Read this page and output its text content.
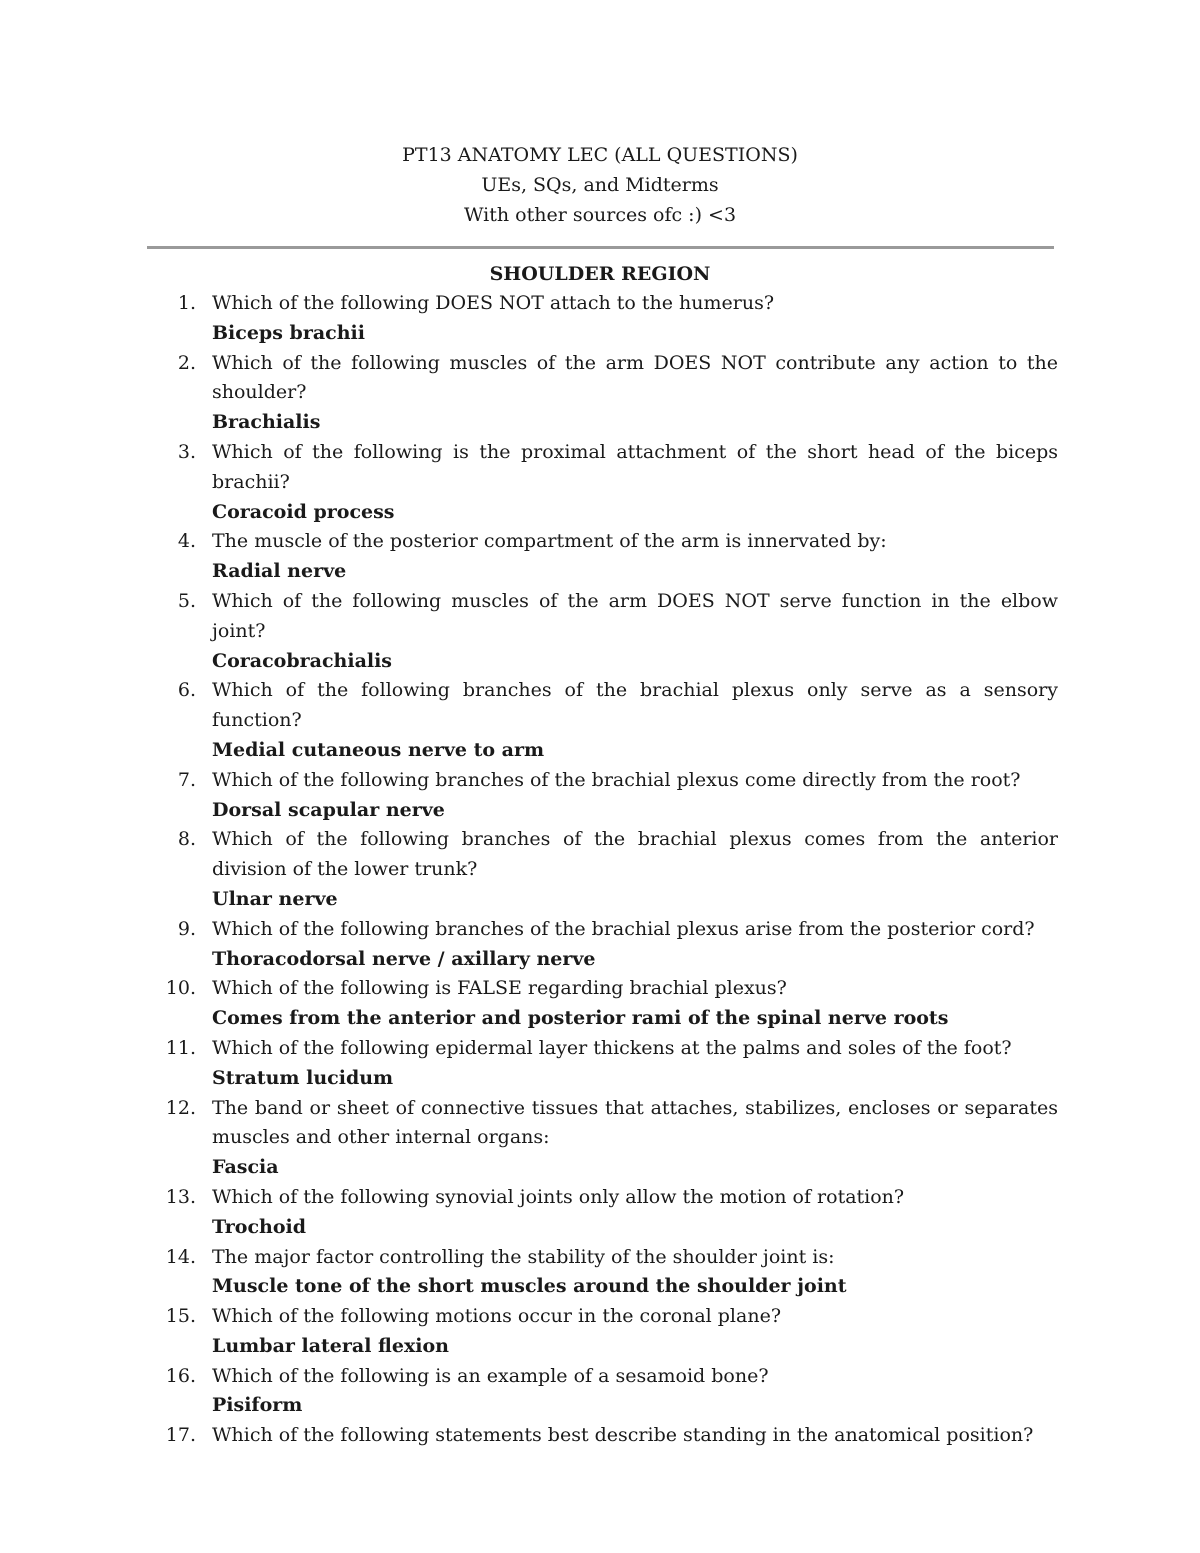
PT13 ANATOMY LEC (ALL QUESTIONS)
UEs, SQs, and Midterms
With other sources ofc :) <3
SHOULDER REGION
1. Which of the following DOES NOT attach to the humerus?
Biceps brachii
2. Which of the following muscles of the arm DOES NOT contribute any action to the shoulder?
Brachialis
3. Which of the following is the proximal attachment of the short head of the biceps brachii?
Coracoid process
4. The muscle of the posterior compartment of the arm is innervated by:
Radial nerve
5. Which of the following muscles of the arm DOES NOT serve function in the elbow joint?
Coracobrachialis
6. Which of the following branches of the brachial plexus only serve as a sensory function?
Medial cutaneous nerve to arm
7. Which of the following branches of the brachial plexus come directly from the root?
Dorsal scapular nerve
8. Which of the following branches of the brachial plexus comes from the anterior division of the lower trunk?
Ulnar nerve
9. Which of the following branches of the brachial plexus arise from the posterior cord?
Thoracodorsal nerve / axillary nerve
10. Which of the following is FALSE regarding brachial plexus?
Comes from the anterior and posterior rami of the spinal nerve roots
11. Which of the following epidermal layer thickens at the palms and soles of the foot?
Stratum lucidum
12. The band or sheet of connective tissues that attaches, stabilizes, encloses or separates muscles and other internal organs:
Fascia
13. Which of the following synovial joints only allow the motion of rotation?
Trochoid
14. The major factor controlling the stability of the shoulder joint is:
Muscle tone of the short muscles around the shoulder joint
15. Which of the following motions occur in the coronal plane?
Lumbar lateral flexion
16. Which of the following is an example of a sesamoid bone?
Pisiform
17. Which of the following statements best describe standing in the anatomical position?
